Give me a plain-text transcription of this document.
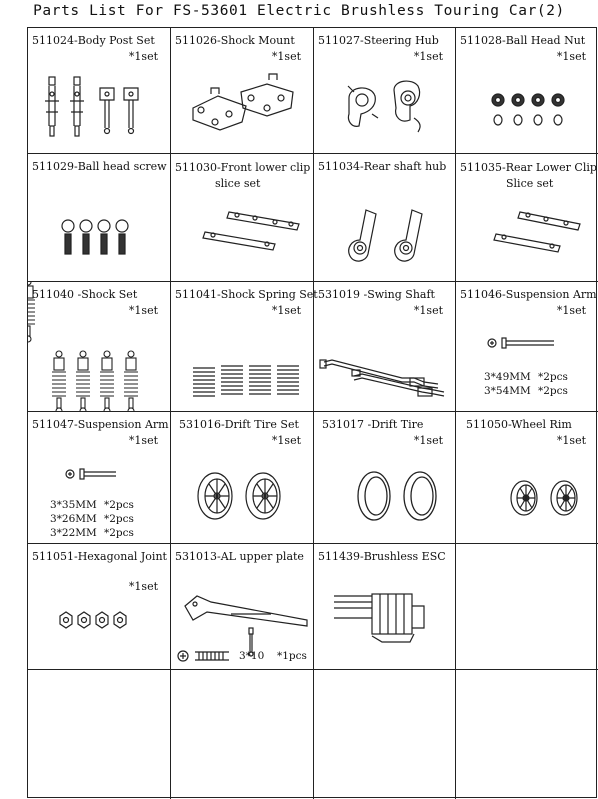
Parts List For FS-53601 Electric Brushless Touring Car(2)
511024-Body Post Set
*1set
511026-Shock Mount
*1set
511027-Steering Hub
*1set
511028-Ball Head Nut
*1set
511029-Ball head screw 511030-Front lower clip
slice set
511034-Rear shaft hub 511035-Rear Lower Clip
Slice set
511040 -Shock Set
*1set
511041-Shock Spring Set
*1set
531019 -Swing Shaft
*1set
511046-Suspension Arm
*1set
3*49MM *2pcs
3*54MM *2pcs
511047-Suspension Arm
*1set
3*35MM *2pcs
3*26MM *2pcs
3*22MM *2pcs
531016-Drift Tire Set
*1set
531017 -Drift Tire
*1set
511050-Wheel Rim
*1set
511051-Hexagonal Joint
*1set
531013-AL upper plate
3*10 *1pcs
511439-Brushless ESC
